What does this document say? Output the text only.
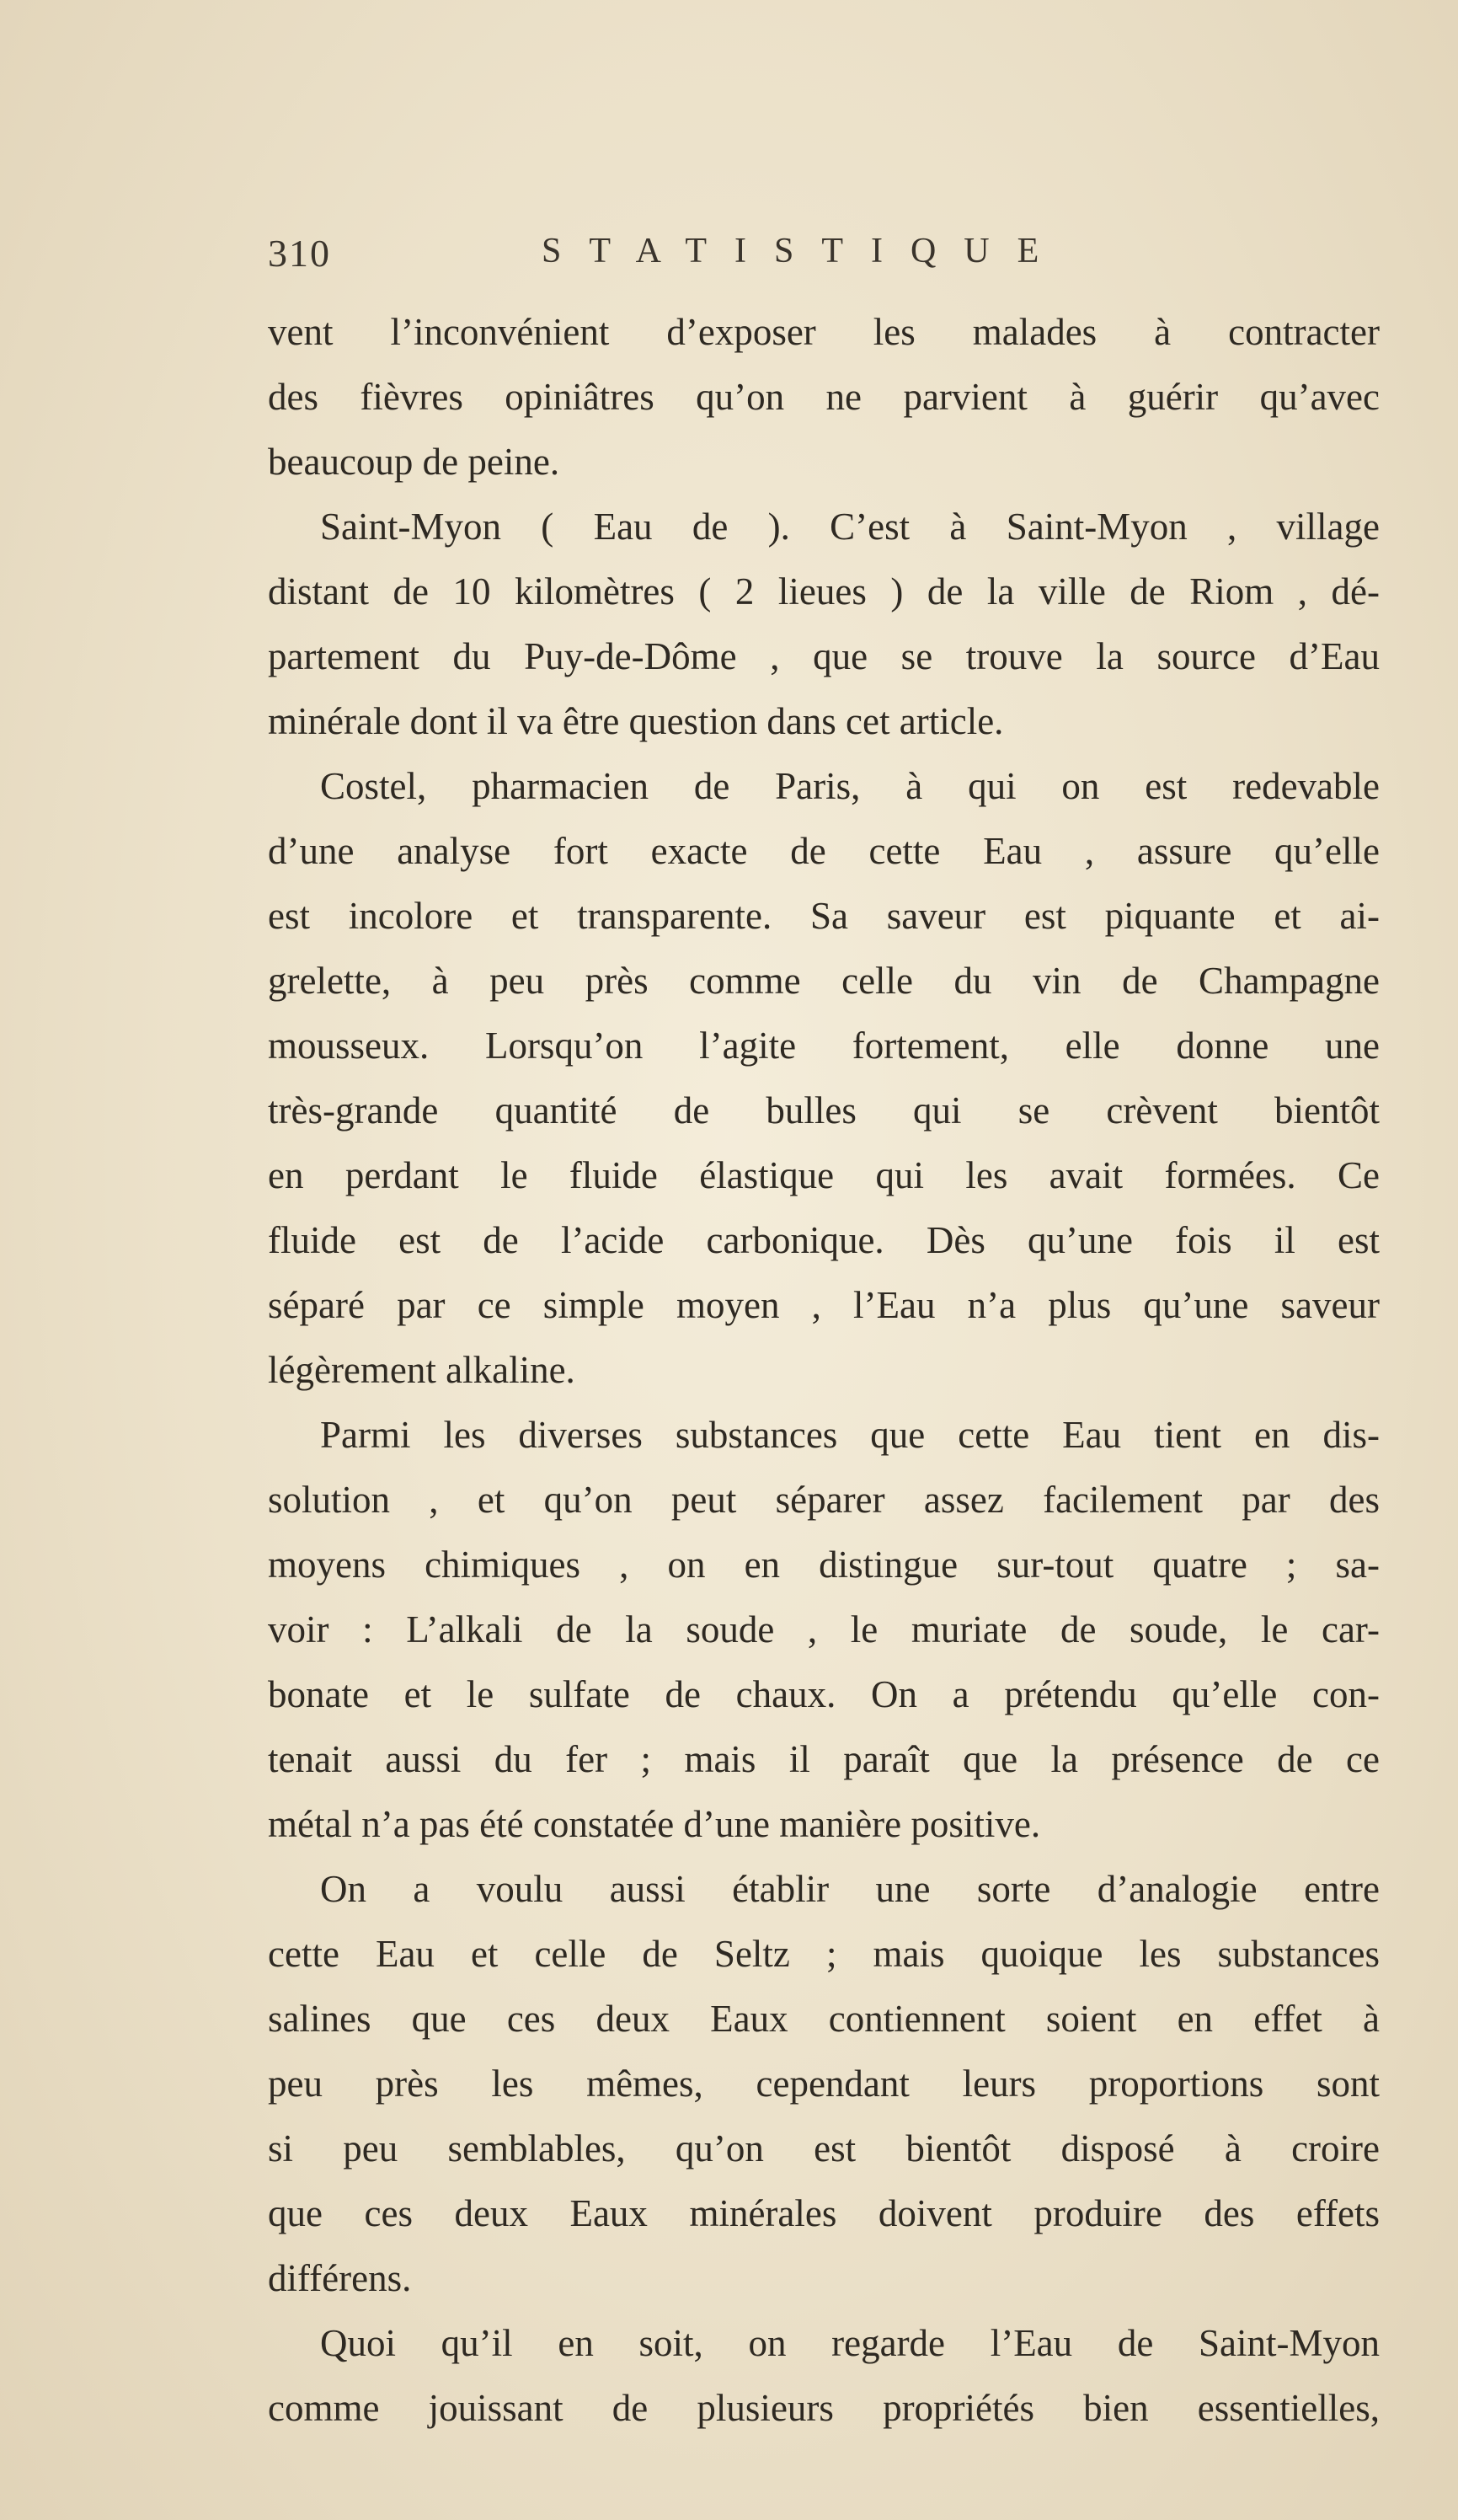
310	STATISTIQUE
vent l’inconvénient d’exposer les malades à contracter
des fièvres opiniâtres qu’on ne parvient à guérir qu’avec
beaucoup de peine.
Saint-Myon ( Eau de ). C’est à Saint-Myon , village
distant de 10 kilomètres ( 2 lieues ) de la ville de Riom , dé-
partement du Puy-de-Dôme , que se trouve la source d’Eau
minérale dont il va être question dans cet article.
Costel, pharmacien de Paris, à qui on est redevable
d’une analyse fort exacte de cette Eau , assure qu’elle
est incolore et transparente. Sa saveur est piquante et ai-
grelette, à peu près comme celle du vin de Champagne
mousseux. Lorsqu’on l’agite fortement, elle donne une
très-grande quantité de bulles qui se crèvent bientôt
en perdant le fluide élastique qui les avait formées. Ce
fluide est de l’acide carbonique. Dès qu’une fois il est
séparé par ce simple moyen , l’Eau n’a plus qu’une saveur
légèrement alkaline.
Parmi les diverses substances que cette Eau tient en dis-
solution , et qu’on peut séparer assez facilement par des
moyens chimiques , on en distingue sur-tout quatre ; sa-
voir : L’alkali de la soude , le muriate de soude, le car-
bonate et le sulfate de chaux. On a prétendu qu’elle con-
tenait aussi du fer ; mais il paraît que la présence de ce
métal n’a pas été constatée d’une manière positive.
On a voulu aussi établir une sorte d’analogie entre
cette Eau et celle de Seltz ; mais quoique les substances
salines que ces deux Eaux contiennent soient en effet à
peu près les mêmes, cependant leurs proportions sont
si peu semblables, qu’on est bientôt disposé à croire
que ces deux Eaux minérales doivent produire des effets
différens.
Quoi qu’il en soit, on regarde l’Eau de Saint-Myon
comme jouissant de plusieurs propriétés bien essentielles,
